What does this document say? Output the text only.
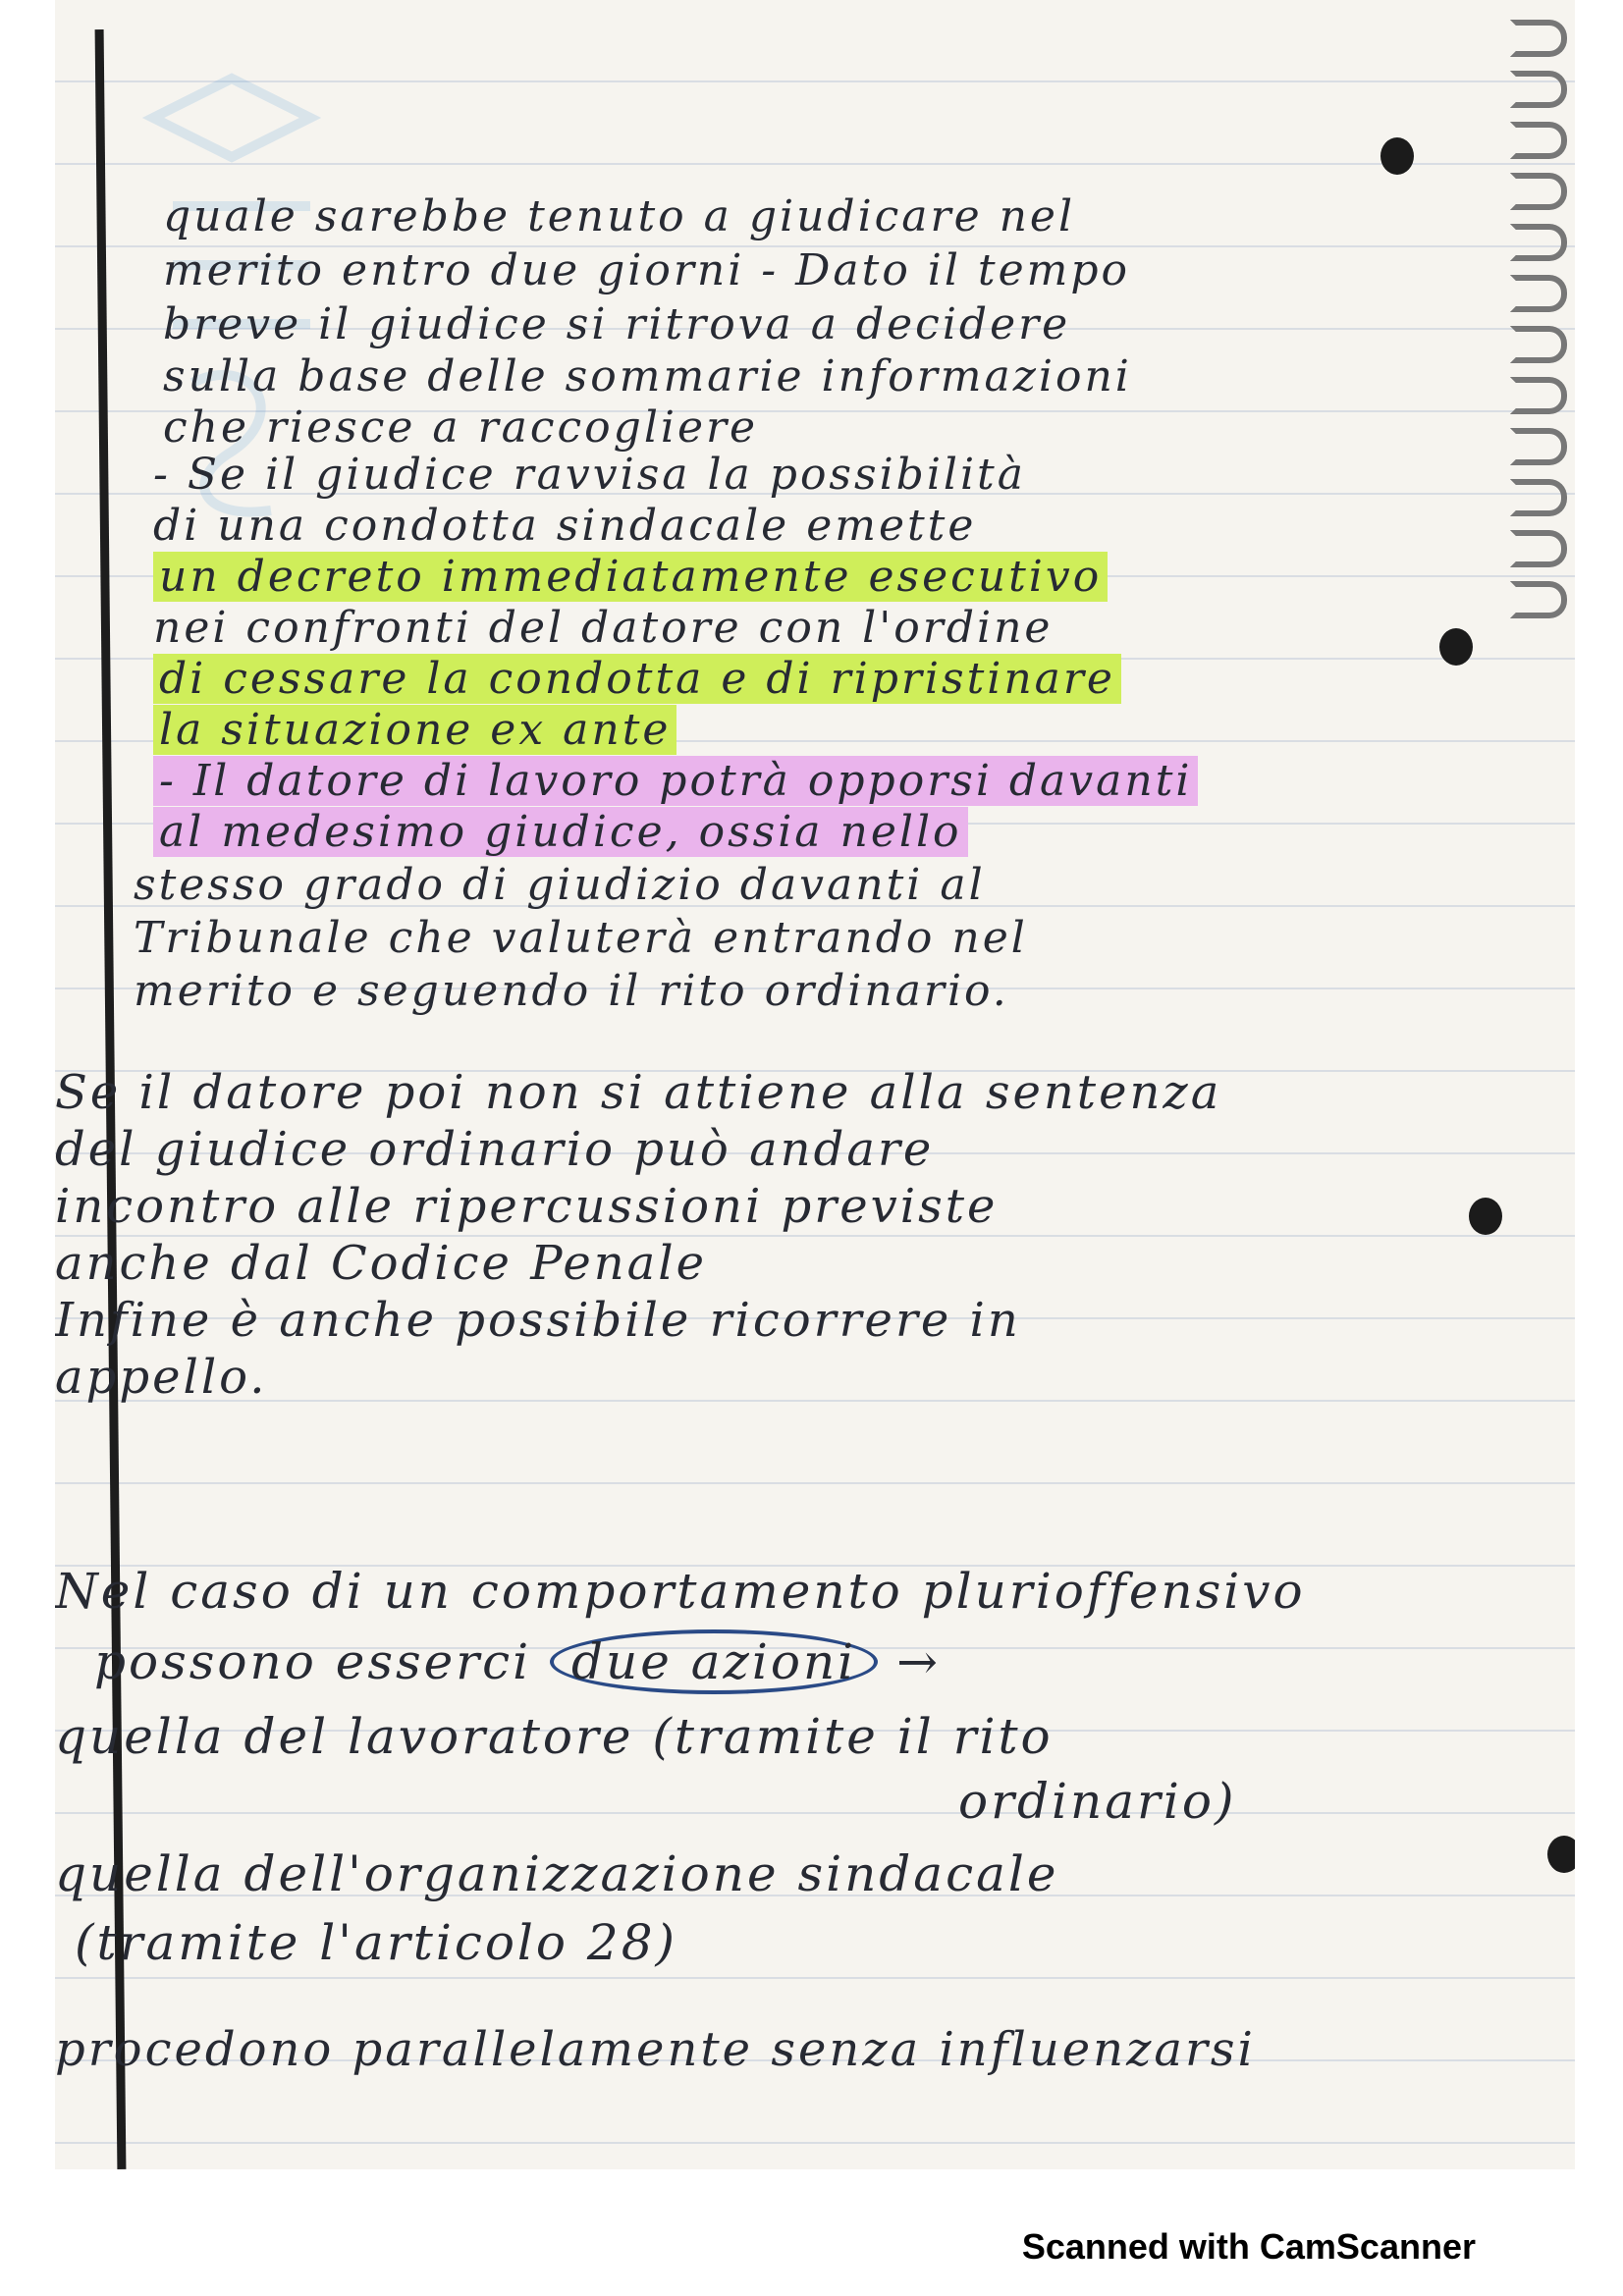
quale sarebbe tenuto a giudicare nel
merito entro due giorni - Dato il tempo
breve il giudice si ritrova a decidere
sulla base delle sommarie informazioni
che riesce a raccogliere
- Se il giudice ravvisa la possibilità
di una condotta sindacale emette
un decreto immediatamente esecutivo
nei confronti del datore con l'ordine
di cessare la condotta e di ripristinare
la situazione ex ante
- Il datore di lavoro potrà opporsi davanti
al medesimo giudice, ossia nello
stesso grado di giudizio davanti al
Tribunale che valuterà entrando nel
merito e seguendo il rito ordinario.
Se il datore poi non si attiene alla sentenza
del giudice ordinario può andare
incontro alle ripercussioni previste
anche dal Codice Penale
Infine è anche possibile ricorrere in
appello.
Nel caso di un comportamento plurioffensivo
possono esserci due azioni →
quella del lavoratore (tramite il rito
ordinario)
quella dell'organizzazione sindacale
(tramite l'articolo 28)
procedono parallelamente senza influenzarsi
Scanned with CamScanner
